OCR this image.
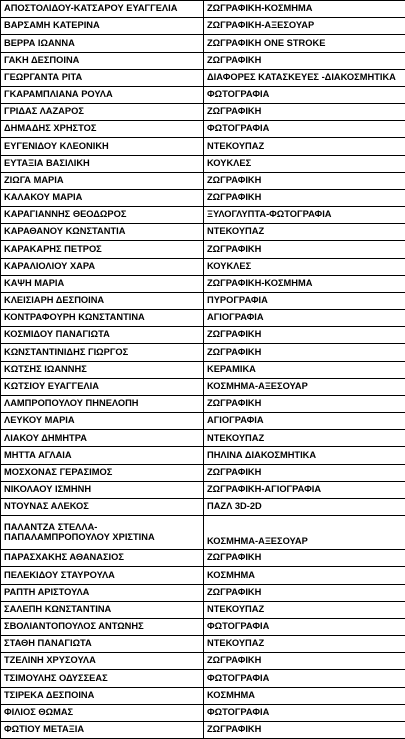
ΑΠΟΣΤΟΛΙΔΟΥ-ΚΑΤΣΑΡΟΥ ΕΥΑΓΓΕΛΙΑ	ΖΩΓΡΑΦΙΚΗ-ΚΟΣΜΗΜΑ
ΒΑΡΣΑΜΗ ΚΑΤΕΡΙΝΑ	ΖΩΓΡΑΦΙΚΗ-ΑΞΕΣΟΥΑΡ
ΒΕΡΡΑ ΙΩΑΝΝΑ	ΖΩΓΡΑΦΙΚΗ ONE STROKE
ΓΑΚΗ ΔΕΣΠΟΙΝΑ	ΖΩΓΡΑΦΙΚΗ
ΓΕΩΡΓΑΝΤΑ ΡΙΤΑ	ΔΙΑΦΟΡΕΣ ΚΑΤΑΣΚΕΥΕΣ -ΔΙΑΚΟΣΜΗΤΙΚΑ
ΓΚΑΡΑΜΠΛΙΑΝΑ ΡΟΥΛΑ	ΦΩΤΟΓΡΑΦΙΑ
ΓΡΙΔΑΣ ΛΑΖΑΡΟΣ	ΖΩΓΡΑΦΙΚΗ
ΔΗΜΑΔΗΣ ΧΡΗΣΤΟΣ	ΦΩΤΟΓΡΑΦΙΑ
ΕΥΓΕΝΙΔΟΥ ΚΛΕΟΝΙΚΗ	ΝΤΕΚΟΥΠΑΖ
ΕΥΤΑΞΙΑ ΒΑΣΙΛΙΚΗ	ΚΟΥΚΛΕΣ
ΖΙΩΓΑ ΜΑΡΙΑ	ΖΩΓΡΑΦΙΚΗ
ΚΑΛΑΚΟΥ ΜΑΡΙΑ	ΖΩΓΡΑΦΙΚΗ
ΚΑΡΑΓΙΑΝΝΗΣ ΘΕΟΔΩΡΟΣ	ΞΥΛΟΓΛΥΠΤΑ-ΦΩΤΟΓΡΑΦΙΑ
ΚΑΡΑΘΑΝΟΥ ΚΩΝΣΤΑΝΤΙΑ	ΝΤΕΚΟΥΠΑΖ
ΚΑΡΑΚΑΡΗΣ ΠΕΤΡΟΣ	ΖΩΓΡΑΦΙΚΗ
ΚΑΡΑΛΙΟΛΙΟΥ ΧΑΡΑ	ΚΟΥΚΛΕΣ
ΚΑΨΗ ΜΑΡΙΑ	ΖΩΓΡΑΦΙΚΗ-ΚΟΣΜΗΜΑ
ΚΛΕΙΣΙΑΡΗ ΔΕΣΠΟΙΝΑ	ΠΥΡΟΓΡΑΦΙΑ
ΚΟΝΤΡΑΦΟΥΡΗ ΚΩΝΣΤΑΝΤΙΝΑ	ΑΓΙΟΓΡΑΦΙΑ
ΚΟΣΜΙΔΟΥ ΠΑΝΑΓΙΩΤΑ	ΖΩΓΡΑΦΙΚΗ
ΚΩΝΣΤΑΝΤΙΝΙΔΗΣ ΓΙΩΡΓΟΣ	ΖΩΓΡΑΦΙΚΗ
ΚΩΤΣΗΣ ΙΩΑΝΝΗΣ	ΚΕΡΑΜΙΚΑ
ΚΩΤΣΙΟΥ ΕΥΑΓΓΕΛΙΑ	ΚΟΣΜΗΜΑ-ΑΞΕΣΟΥΑΡ
ΛΑΜΠΡΟΠΟΥΛΟΥ ΠΗΝΕΛΟΠΗ	ΖΩΓΡΑΦΙΚΗ
ΛΕΥΚΟΥ ΜΑΡΙΑ	ΑΓΙΟΓΡΑΦΙΑ
ΛΙΑΚΟΥ ΔΗΜΗΤΡΑ	ΝΤΕΚΟΥΠΑΖ
ΜΗΤΤΑ ΑΓΛΑΙΑ	ΠΗΛΙΝΑ ΔΙΑΚΟΣΜΗΤΙΚΑ
ΜΟΣΧΟΝΑΣ ΓΕΡΑΣΙΜΟΣ	ΖΩΓΡΑΦΙΚΗ
ΝΙΚΟΛΑΟΥ ΙΣΜΗΝΗ	ΖΩΓΡΑΦΙΚΗ-ΑΓΙΟΓΡΑΦΙΑ
ΝΤΟΥΝΑΣ ΑΛΕΚΟΣ	ΠΑΖΛ 3D-2D
ΠΑΛΑΝΤΖΑ ΣΤΕΛΛΑ-
ΠΑΠΑΛΑΜΠΡΟΠΟΥΛΟΥ ΧΡΙΣΤΙΝΑ	ΚΟΣΜΗΜΑ-ΑΞΕΣΟΥΑΡ
ΠΑΡΑΣΧΑΚΗΣ ΑΘΑΝΑΣΙΟΣ	ΖΩΓΡΑΦΙΚΗ
ΠΕΛΕΚΙΔΟΥ ΣΤΑΥΡΟΥΛΑ	ΚΟΣΜΗΜΑ
ΡΑΠΤΗ ΑΡΙΣΤΟΥΛΑ	ΖΩΓΡΑΦΙΚΗ
ΣΑΛΕΠΗ ΚΩΝΣΤΑΝΤΙΝΑ	ΝΤΕΚΟΥΠΑΖ
ΣΒΟΛΙΑΝΤΟΠΟΥΛΟΣ ΑΝΤΩΝΗΣ	ΦΩΤΟΓΡΑΦΙΑ
ΣΤΑΘΗ ΠΑΝΑΓΙΩΤΑ	ΝΤΕΚΟΥΠΑΖ
ΤΖΕΛΙΝΗ ΧΡΥΣΟΥΛΑ	ΖΩΓΡΑΦΙΚΗ
ΤΣΙΜΟΥΛΗΣ ΟΔΥΣΣΕΑΣ	ΦΩΤΟΓΡΑΦΙΑ
ΤΣΙΡΕΚΑ ΔΕΣΠΟΙΝΑ	ΚΟΣΜΗΜΑ
ΦΙΛΙΟΣ ΘΩΜΑΣ	ΦΩΤΟΓΡΑΦΙΑ
ΦΩΤΙΟΥ ΜΕΤΑΞΙΑ	ΖΩΓΡΑΦΙΚΗ
